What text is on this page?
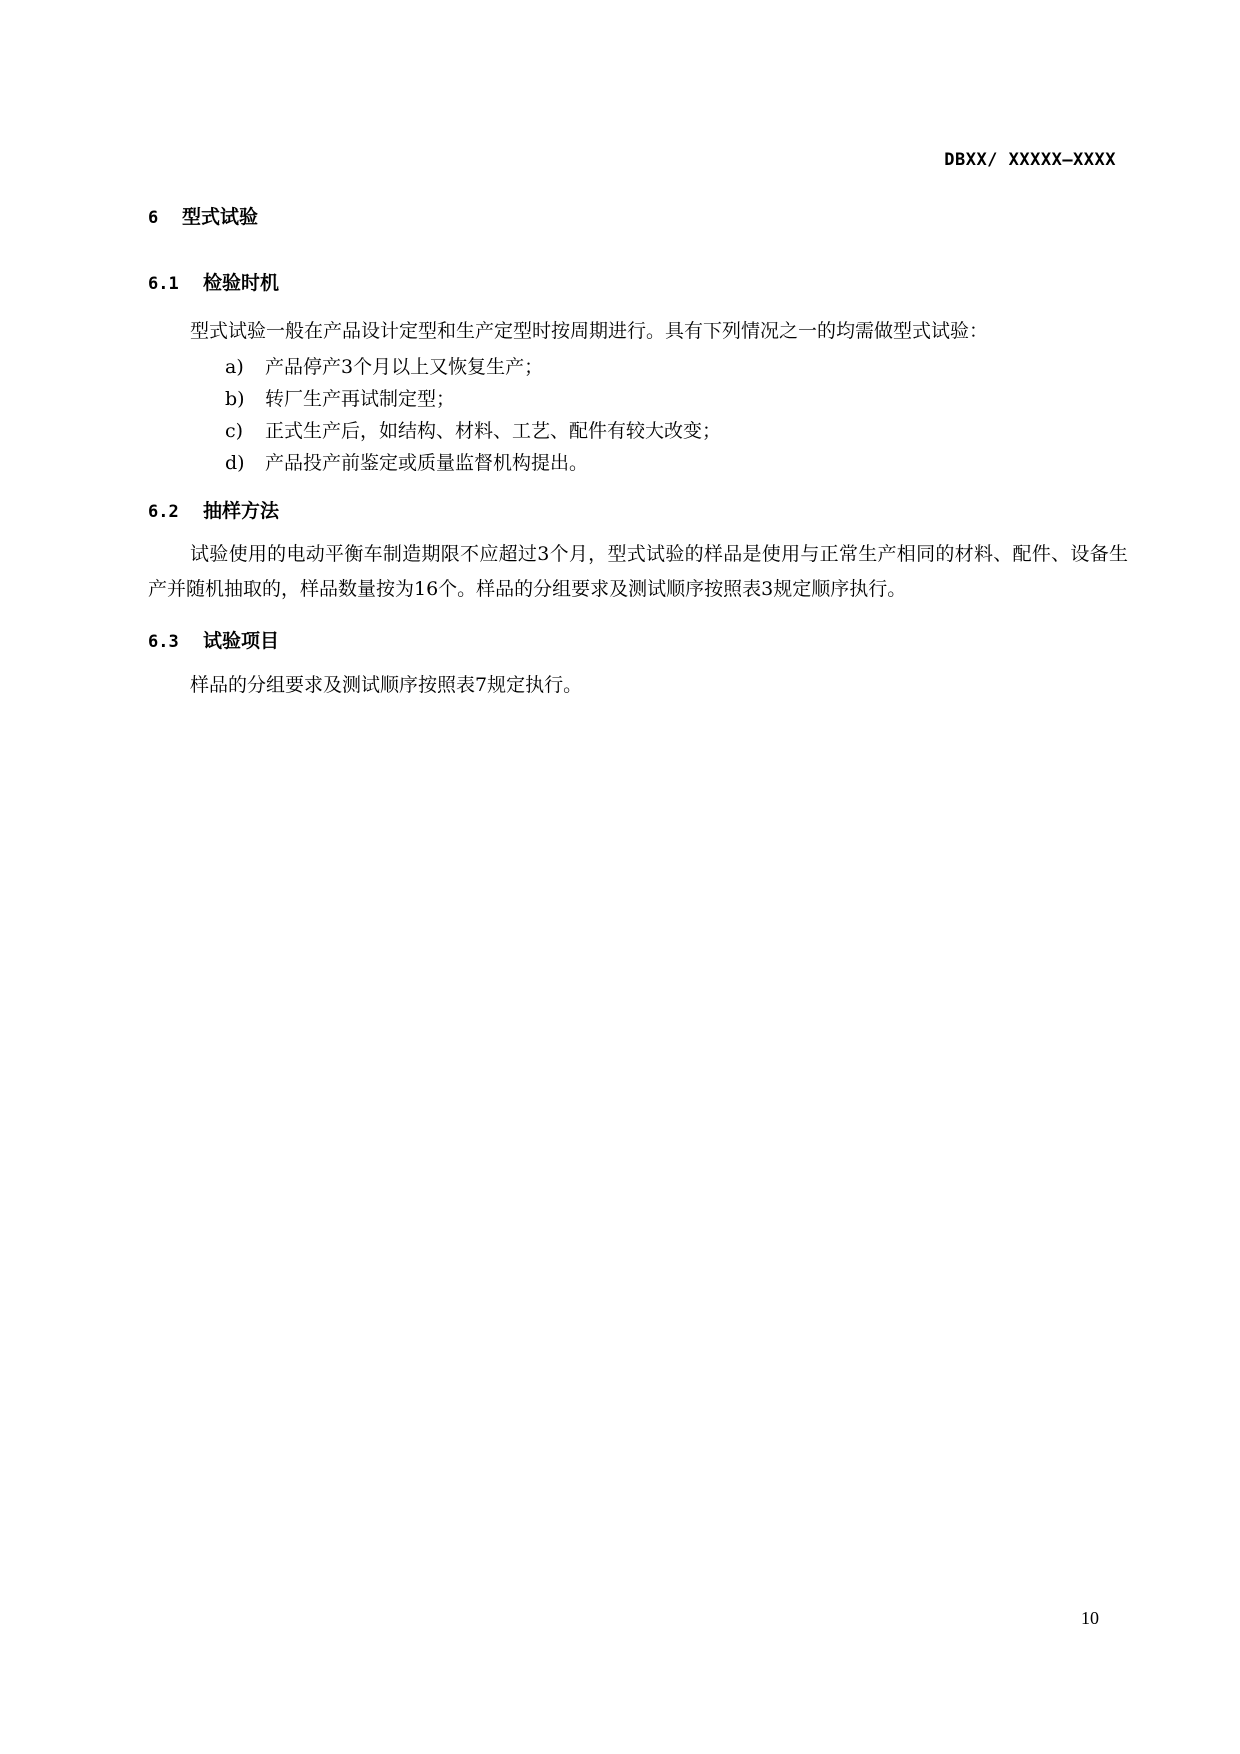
DBXX/ XXXXX—XXXX
6 型式试验
6.1 检验时机
型式试验一般在产品设计定型和生产定型时按周期进行。具有下列情况之一的均需做型式试验：
a) 产品停产3个月以上又恢复生产；
b) 转厂生产再试制定型；
c) 正式生产后，如结构、材料、工艺、配件有较大改变；
d) 产品投产前鉴定或质量监督机构提出。
6.2 抽样方法
试验使用的电动平衡车制造期限不应超过3个月，型式试验的样品是使用与正常生产相同的材料、配件、设备生产并随机抽取的，样品数量按为16个。样品的分组要求及测试顺序按照表3规定顺序执行。
6.3 试验项目
样品的分组要求及测试顺序按照表7规定执行。
10
